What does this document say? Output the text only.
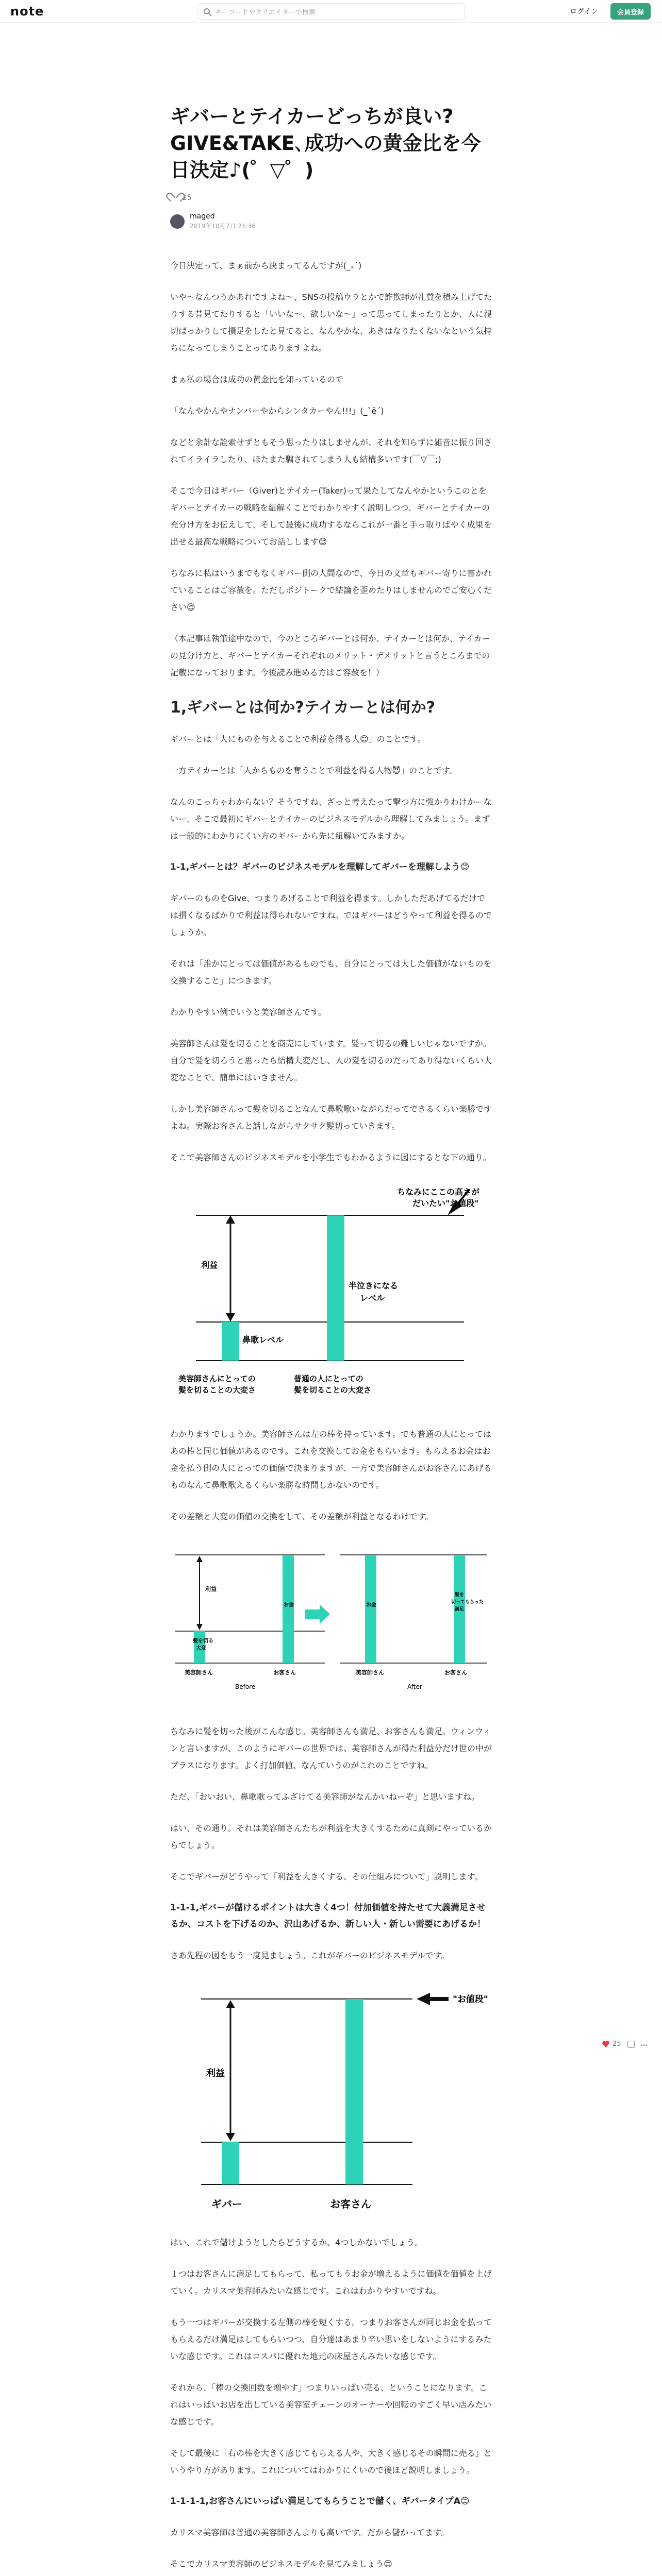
note	キーワードやクリエイターで検索	ログイン	会員登録
ギバーとテイカーどっちが良い?GIVE&TAKE､成功への黄金比を今日決定♪(゜▽゜)
25
maged
2019年10月7日 21:36

今日決定って、まぁ前から決まってるんですが(_ₓ´)

いや〜なんつうかあれですよね〜、SNSの投稿ウラとかで詐欺師が礼賛を積み上げてたりする昔見てたりすると「いいな〜、欲しいな〜」って思ってしまったりとか、人に親切ぱっかりして損足をしたと見てると、なんやかな、あきはなりたくないなという気持ちになってしまうことってありますよね。

まぁ私の場合は成功の黄金比を知っているので

「なんやかんやナンバーやからシンタカーやん!!!」(_`ё´)

などと余計な詮索せずともそう思ったりはしませんが、それを知らずに雑音に振り回されてイライラしたり、ほたまた騙されてしまう人も結構多いです(￣▽￣;)

そこで今日はギバー（Giver)とテイカー(Taker)って果たしてなんやかというこのとをギバーとテイカーの戦略を紐解くことでわかりやすく説明しつつ、ギバーとテイカーの充分け方をお伝えして、そして最後に成功するならこれが一番と手っ取りばやく成果を出せる最高な戦略についてお話しします😊

ちなみに私はいうまでもなくギバー側の人間なので、今日の文章もギバー寄りに書かれていることはご容赦を。ただしポジトークで結論を歪めたりはしませんのでご安心ください😌

（本記事は執筆途中なので、今のところギバーとは何か、テイカーとは何か、テイカーの見分け方と、ギバーとテイカーそれぞれのメリット・デメリットと言うところまでの記載になっております。今後読み進める方はご容赦を！）

1,ギバーとは何か?テイカーとは何か?

ギバーとは「人にものを与えることで利益を得る人😊」のことです。

一方テイカーとは「人からものを奪うことで利益を得る人物😈」のことです。

なんのこっちゃわからない？そうですね、ざっと考えたって撃つ方に強かりわけかーないー、そこで最初にギバーとテイカーのビジネスモデルから理解してみましょう。まずは一般的にわかりにくい方のギバーから先に紐解いてみますか。

1-1,ギバーとは？ギバーのビジネスモデルを理解してギバーを理解しよう😊

ギバーのものをGive、つまりあげることで利益を得ます。しかしただあげてるだけでは損くなるばかりで利益は得られないですね。ではギバーはどうやって利益を得るのでしょうか。

それは「誰かにとっては価値があるものでも、自分にとっては大した価値がないものを交換すること」につきます。

わかりやすい例でいうと美容師さんです。

美容師さんは髪を切ることを商売にしています。髪って切るの難しいじゃないですか。自分で髪を切ろうと思ったら結構大変だし、人の髪を切るのだってあり得ないくらい大変なことで、簡単にはいきません。

しかし美容師さんって髪を切ることなんて鼻歌歌いながらだってできるくらい楽勝ですよね。実際お客さんと話しながらサクサク髪切っていきます。

そこで美容師さんのビジネスモデルを小学生でもわかるように図にするとな下の通り。

ちなみにここの高さが
だいたい"お値段"
利益
鼻歌レベル
半泣きになる
レベル
美容師さんにとっての
髪を切ることの大変さ
普通の人にとっての
髪を切ることの大変さ

わかりますでしょうか。美容師さんは左の棒を持っています。でも普通の人にとってはあの棒と同じ価値があるのです。これを交換してお金をもらいます。もらえるお金はお金を払う側の人にとっての価値で決まりますが、一方で美容師さんがお客さんにあげるものなんて鼻歌歌えるくらい楽勝な時間しかないのです。

その差額と大変の価値の交換をして、その差額が利益となるわけです。

利益
髪を切る
大変
お金	お金
髪を
切ってもらった
満足
美容師さん	お客さん	美容師さん	お客さん
Before	After

ちなみに髪を切った後がこんな感じ。美容師さんも満足、お客さんも満足。ウィンウィンと言いますが、このようにギバーの世界では、美容師さんが得た利益分だけ世の中がプラスになります。よく打加価値、なんていうのがこれのことですね。

ただ、「おいおい、鼻歌歌ってふざけてる美容師がなんかいねーぞ」と思いますね。

はい、その通り。それは美容師さんたちが利益を大きくするために真剣にやっているからでしょう。

そこでギバーがどうやって「利益を大きくする、その仕組みについて」説明します。

1-1-1,ギバーが儲けるポイントは大きく4つ！付加価値を持たせて大義満足させるか、コストを下げるのか、沢山あげるか、新しい人・新しい需要にあげるか！

さあ先程の図をもう一度見ましょう。これがギバーのビジネスモデルです。

"お値段"
利益
ギバー	お客さん

はい、これで儲けようとしたらどうするか、4つしかないでしょう。

１つはお客さんに満足してもらって、私ってもうお金が増えるように価値を価値を上げていく。カリスマ美容師みたいな感じです。これはわかりやすいですね。

もう一つはギバーが交換する左側の棒を短くする。つまりお客さんが同じお金を払ってもらえるだけ満足はしてもらいつつ、自分達はあまり辛い思いをしないようにするみたいな感じです。これはコスパに優れた地元の床屋さんみたいな感じです。

それから、「棒の交換回数を増やす」つまりいっぱい売る、ということになります。これはいっぱいお店を出している美容室チェーンのオーナーや回転のすごく早い店みたいな感じです。

そして最後に「右の棒を大きく感じてもらえる人や、大きく感じるその瞬間に売る」というやり方があります。これについてはわかりにくいので後ほど説明しましょう。

1-1-1-1,お客さんにいっぱい満足してもらうことで儲く、ギバータイプA😊

カリスマ美容師は普通の美容師さんよりも高いです。だから儲かってます。

そこでカリスマ美容師のビジネスモデルを見てみましょう😊

25	…
